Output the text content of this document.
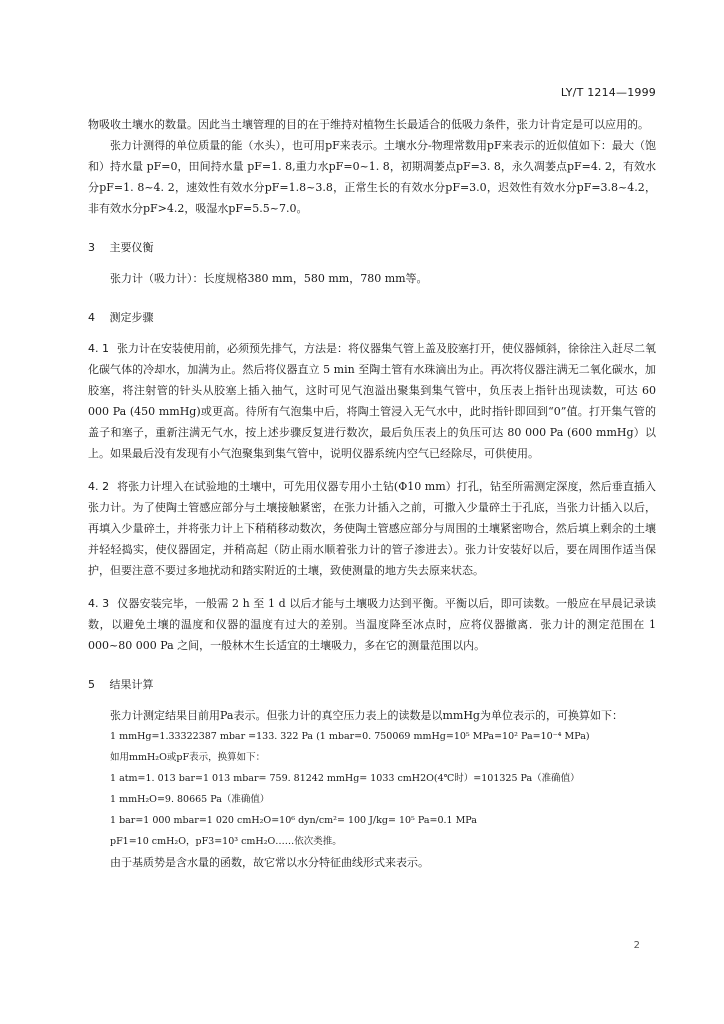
LY/T 1214—1999

物吸收土壤水的数量。因此当土壤管理的目的在于维持对植物生长最适合的低吸力条件，张力计肯定是可以应用的。

张力计测得的单位质量的能（水头），也可用pF来表示。土壤水分-物理常数用pF来表示的近似值如下：最大（饱和）持水量 pF=0，田间持水量 pF=1. 8,重力水pF=0~1. 8，初期凋萎点pF=3. 8，永久凋萎点pF=4. 2，有效水分pF=1. 8~4. 2，速效性有效水分pF=1.8~3.8，正常生长的有效水分pF=3.0，迟效性有效水分pF=3.8~4.2，非有效水分pF>4.2，吸湿水pF=5.5~7.0。

3 主要仪衡

张力计（吸力计）：长度规格380 mm，580 mm，780 mm等。

4 测定步骤

4. 1 张力计在安装使用前，必须预先排气，方法是：将仪器集气管上盖及胶塞打开，使仪器倾斜，徐徐注入赶尽二氧化碳气体的冷却水，加满为止。然后将仪器直立 5 min 至陶土管有水珠滴出为止。再次将仪器注满无二氧化碳水，加胶塞，将注射管的针头从胶塞上插入抽气，这时可见气泡溢出聚集到集气管中，负压表上指针出现读数，可达 60 000 Pa (450 mmHg)或更高。待所有气泡集中后，将陶土管浸入无气水中，此时指针即回到“0”值。打开集气管的盖子和塞子，重新注满无气水，按上述步骤反复进行数次，最后负压表上的负压可达 80 000 Pa (600 mmHg）以上。如果最后没有发现有小气泡聚集到集气管中，说明仪器系统内空气已经除尽，可供使用。

4. 2 将张力计埋入在试验地的土壤中，可先用仪器专用小土钻(Φ10 mm）打孔，钻至所需测定深度，然后垂直插入张力计。为了使陶土管感应部分与土壤接触紧密，在张力计插入之前，可撒入少量碎土于孔底，当张力计插入以后，再填入少量碎土，并将张力计上下稍稍移动数次，务使陶土管感应部分与周围的土壤紧密吻合，然后填上剩余的土壤并轻轻捣实，使仪器固定，并稍高起（防止雨水顺着张力计的管子渗进去）。张力计安装好以后，要在周围作适当保护，但要注意不要过多地扰动和踏实附近的土壤，致使测量的地方失去原来状态。

4. 3 仪器安装完毕，一般需 2 h 至 1 d 以后才能与土壤吸力达到平衡。平衡以后，即可读数。一般应在早晨记录读数，以避免土壤的温度和仪器的温度有过大的差别。当温度降至冰点时，应将仪器撤离．张力计的测定范围在 1 000~80 000 Pa 之间，一般林木生长适宜的土壤吸力，多在它的测量范围以内。

5 结果计算

张力计测定结果目前用Pa表示。但张力计的真空压力表上的读数是以mmHg为单位表示的，可换算如下：

1 mmHg=1.33322387 mbar =133. 322 Pa (1 mbar=0. 750069 mmHg=10⁵ MPa=10² Pa=10⁻⁴ MPa)

如用mmH₂O或pF表示，换算如下：

1 atm=1. 013 bar=1 013 mbar= 759. 81242 mmHg= 1033 cmH2O(4℃时）=101325 Pa（准确值）

1 mmH₂O=9. 80665 Pa（准确值）

1 bar=1 000 mbar=1 020 cmH₂O=10⁶ dyn/cm²= 100 J/kg= 10⁵ Pa=0.1 MPa

pF1=10 cmH₂O，pF3=10³ cmH₂O……依次类推。

由于基质势是含水量的函数，故它常以水分特征曲线形式来表示。

2
